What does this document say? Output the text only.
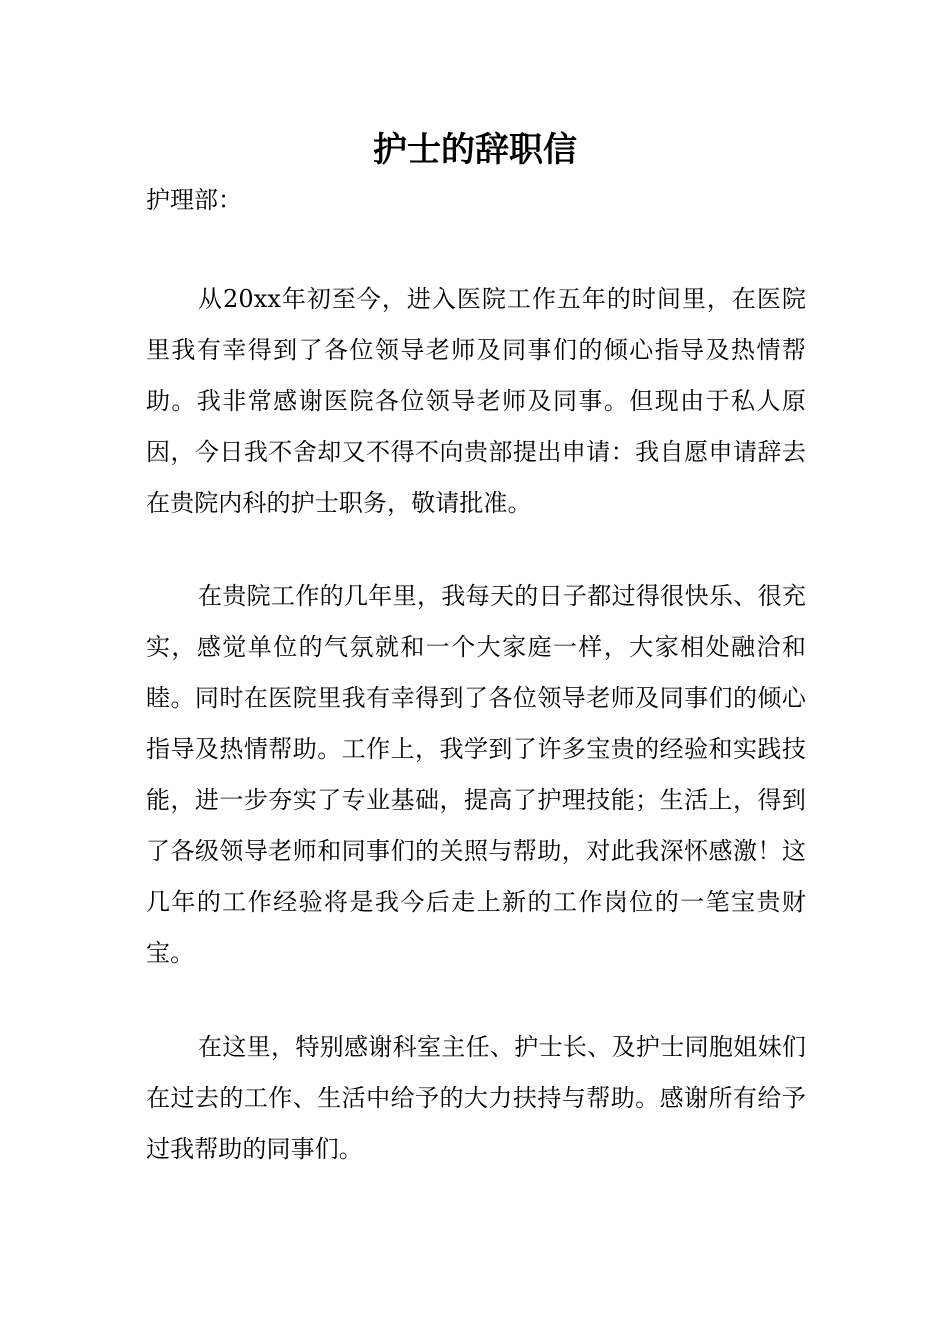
护士的辞职信
护理部：

从20xx年初至今，进入医院工作五年的时间里，在医院里我有幸得到了各位领导老师及同事们的倾心指导及热情帮助。我非常感谢医院各位领导老师及同事。但现由于私人原因，今日我不舍却又不得不向贵部提出申请：我自愿申请辞去在贵院内科的护士职务，敬请批准。

在贵院工作的几年里，我每天的日子都过得很快乐、很充实，感觉单位的气氛就和一个大家庭一样，大家相处融洽和睦。同时在医院里我有幸得到了各位领导老师及同事们的倾心指导及热情帮助。工作上，我学到了许多宝贵的经验和实践技能，进一步夯实了专业基础，提高了护理技能；生活上，得到了各级领导老师和同事们的关照与帮助，对此我深怀感激！这几年的工作经验将是我今后走上新的工作岗位的一笔宝贵财宝。

在这里，特别感谢科室主任、护士长、及护士同胞姐妹们在过去的工作、生活中给予的大力扶持与帮助。感谢所有给予过我帮助的同事们。
